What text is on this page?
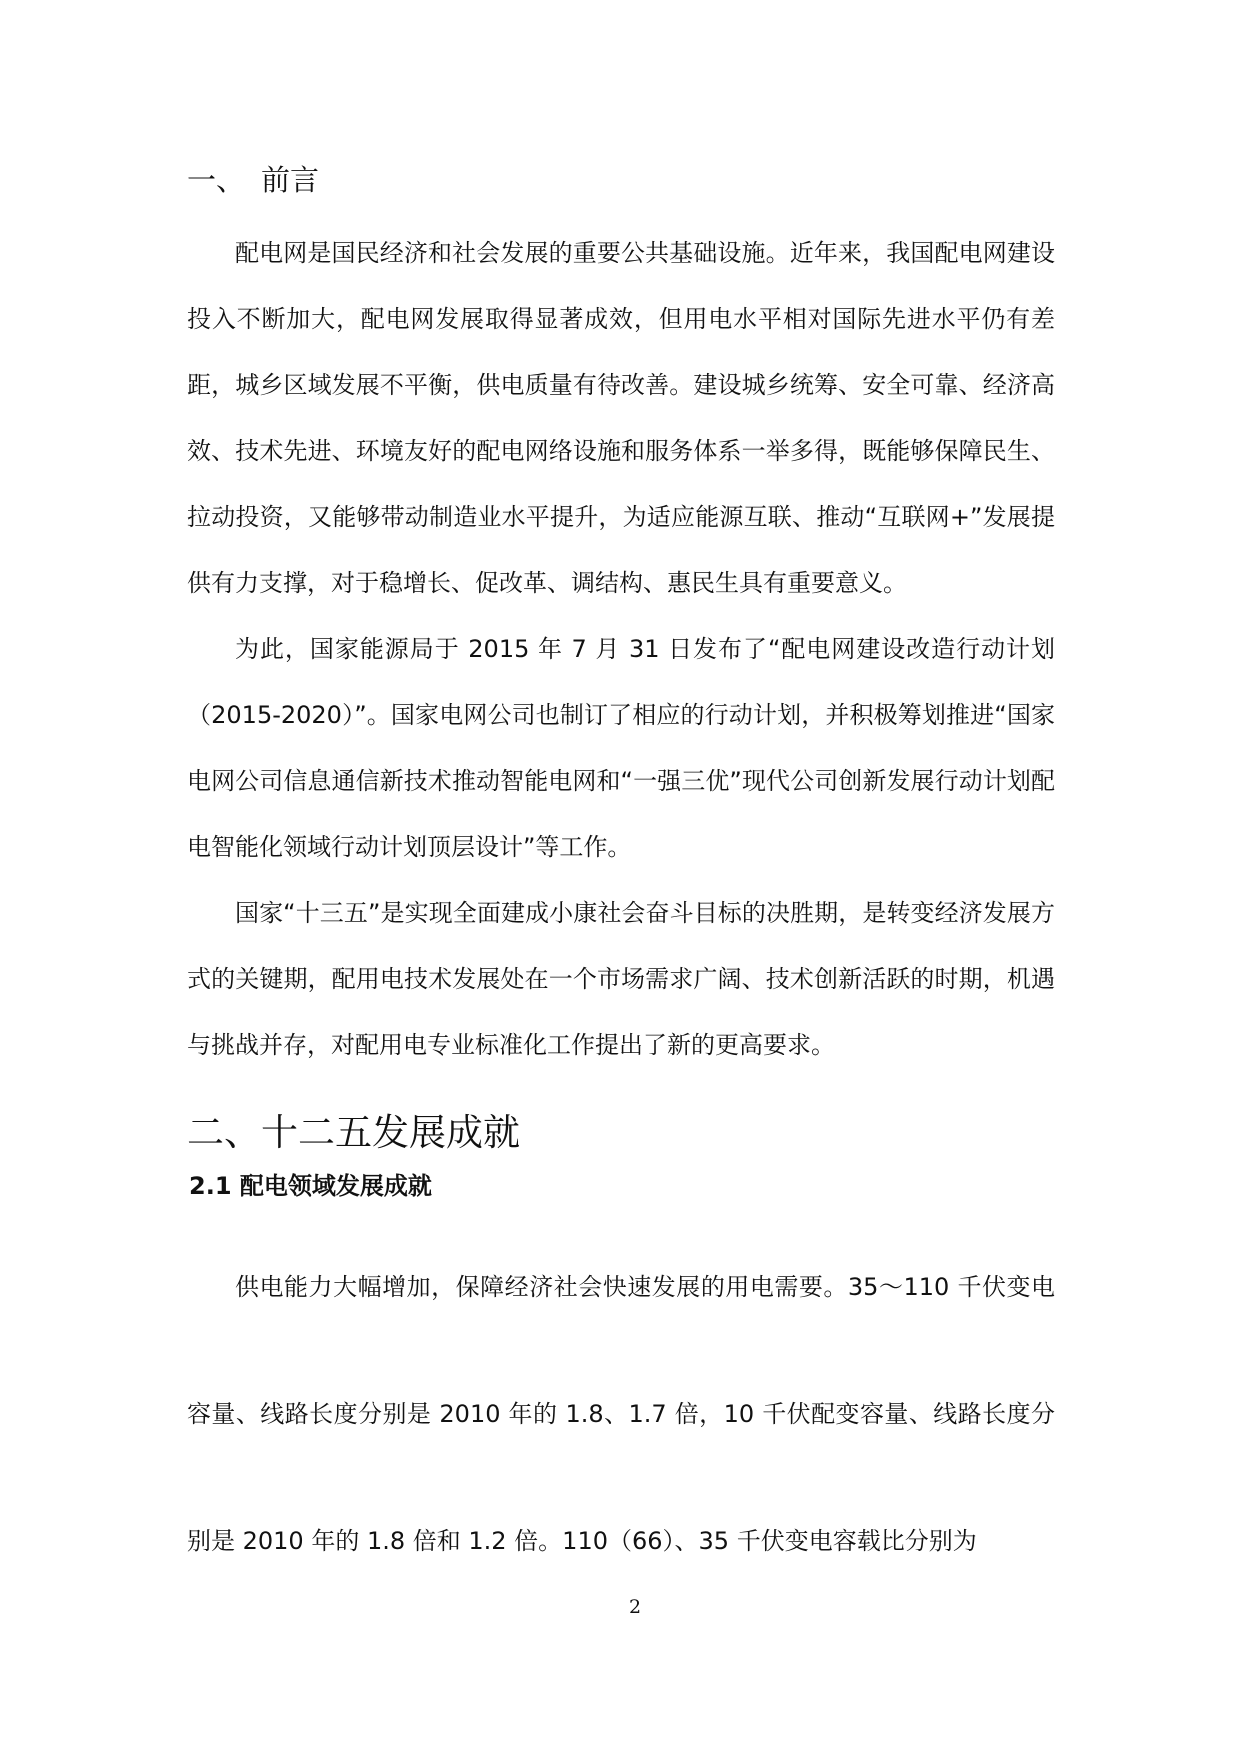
一、 前言

配电网是国民经济和社会发展的重要公共基础设施。近年来，我国配电网建设投入不断加大，配电网发展取得显著成效，但用电水平相对国际先进水平仍有差距，城乡区域发展不平衡，供电质量有待改善。建设城乡统筹、安全可靠、经济高效、技术先进、环境友好的配电网络设施和服务体系一举多得，既能够保障民生、拉动投资，又能够带动制造业水平提升，为适应能源互联、推动“互联网+”发展提供有力支撑，对于稳增长、促改革、调结构、惠民生具有重要意义。

为此，国家能源局于 2015 年 7 月 31 日发布了“配电网建设改造行动计划（2015-2020）”。国家电网公司也制订了相应的行动计划，并积极筹划推进“国家电网公司信息通信新技术推动智能电网和“一强三优”现代公司创新发展行动计划配电智能化领域行动计划顶层设计”等工作。

国家“十三五”是实现全面建成小康社会奋斗目标的决胜期，是转变经济发展方式的关键期，配用电技术发展处在一个市场需求广阔、技术创新活跃的时期，机遇与挑战并存，对配用电专业标准化工作提出了新的更高要求。

二、十二五发展成就
2.1 配电领域发展成就

供电能力大幅增加，保障经济社会快速发展的用电需要。35～110 千伏变电容量、线路长度分别是 2010 年的 1.8、1.7 倍，10 千伏配变容量、线路长度分别是 2010 年的 1.8 倍和 1.2 倍。110（66）、35 千伏变电容载比分别为

2
